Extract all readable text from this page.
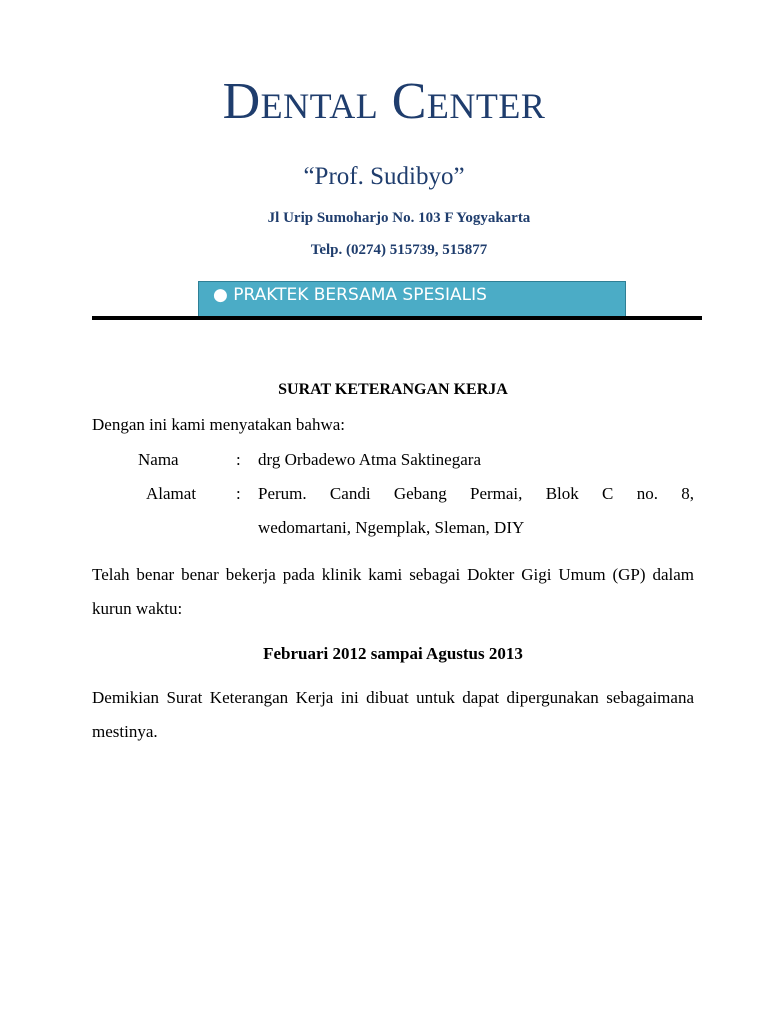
Dental Center
“Prof. Sudibyo”
Jl Urip Sumoharjo No. 103 F Yogyakarta
Telp. (0274) 515739, 515877
● PRAKTEK BERSAMA SPESIALIS
SURAT KETERANGAN KERJA
Dengan ini kami menyatakan bahwa:
Nama	: drg Orbadewo Atma Saktinegara
Alamat : Perum. Candi Gebang Permai, Blok C no. 8,
wedomartani, Ngemplak, Sleman, DIY
Telah benar benar bekerja pada klinik kami sebagai Dokter Gigi Umum (GP) dalam kurun waktu:
Februari 2012 sampai Agustus 2013
Demikian Surat Keterangan Kerja ini dibuat untuk dapat dipergunakan sebagaimana mestinya.
